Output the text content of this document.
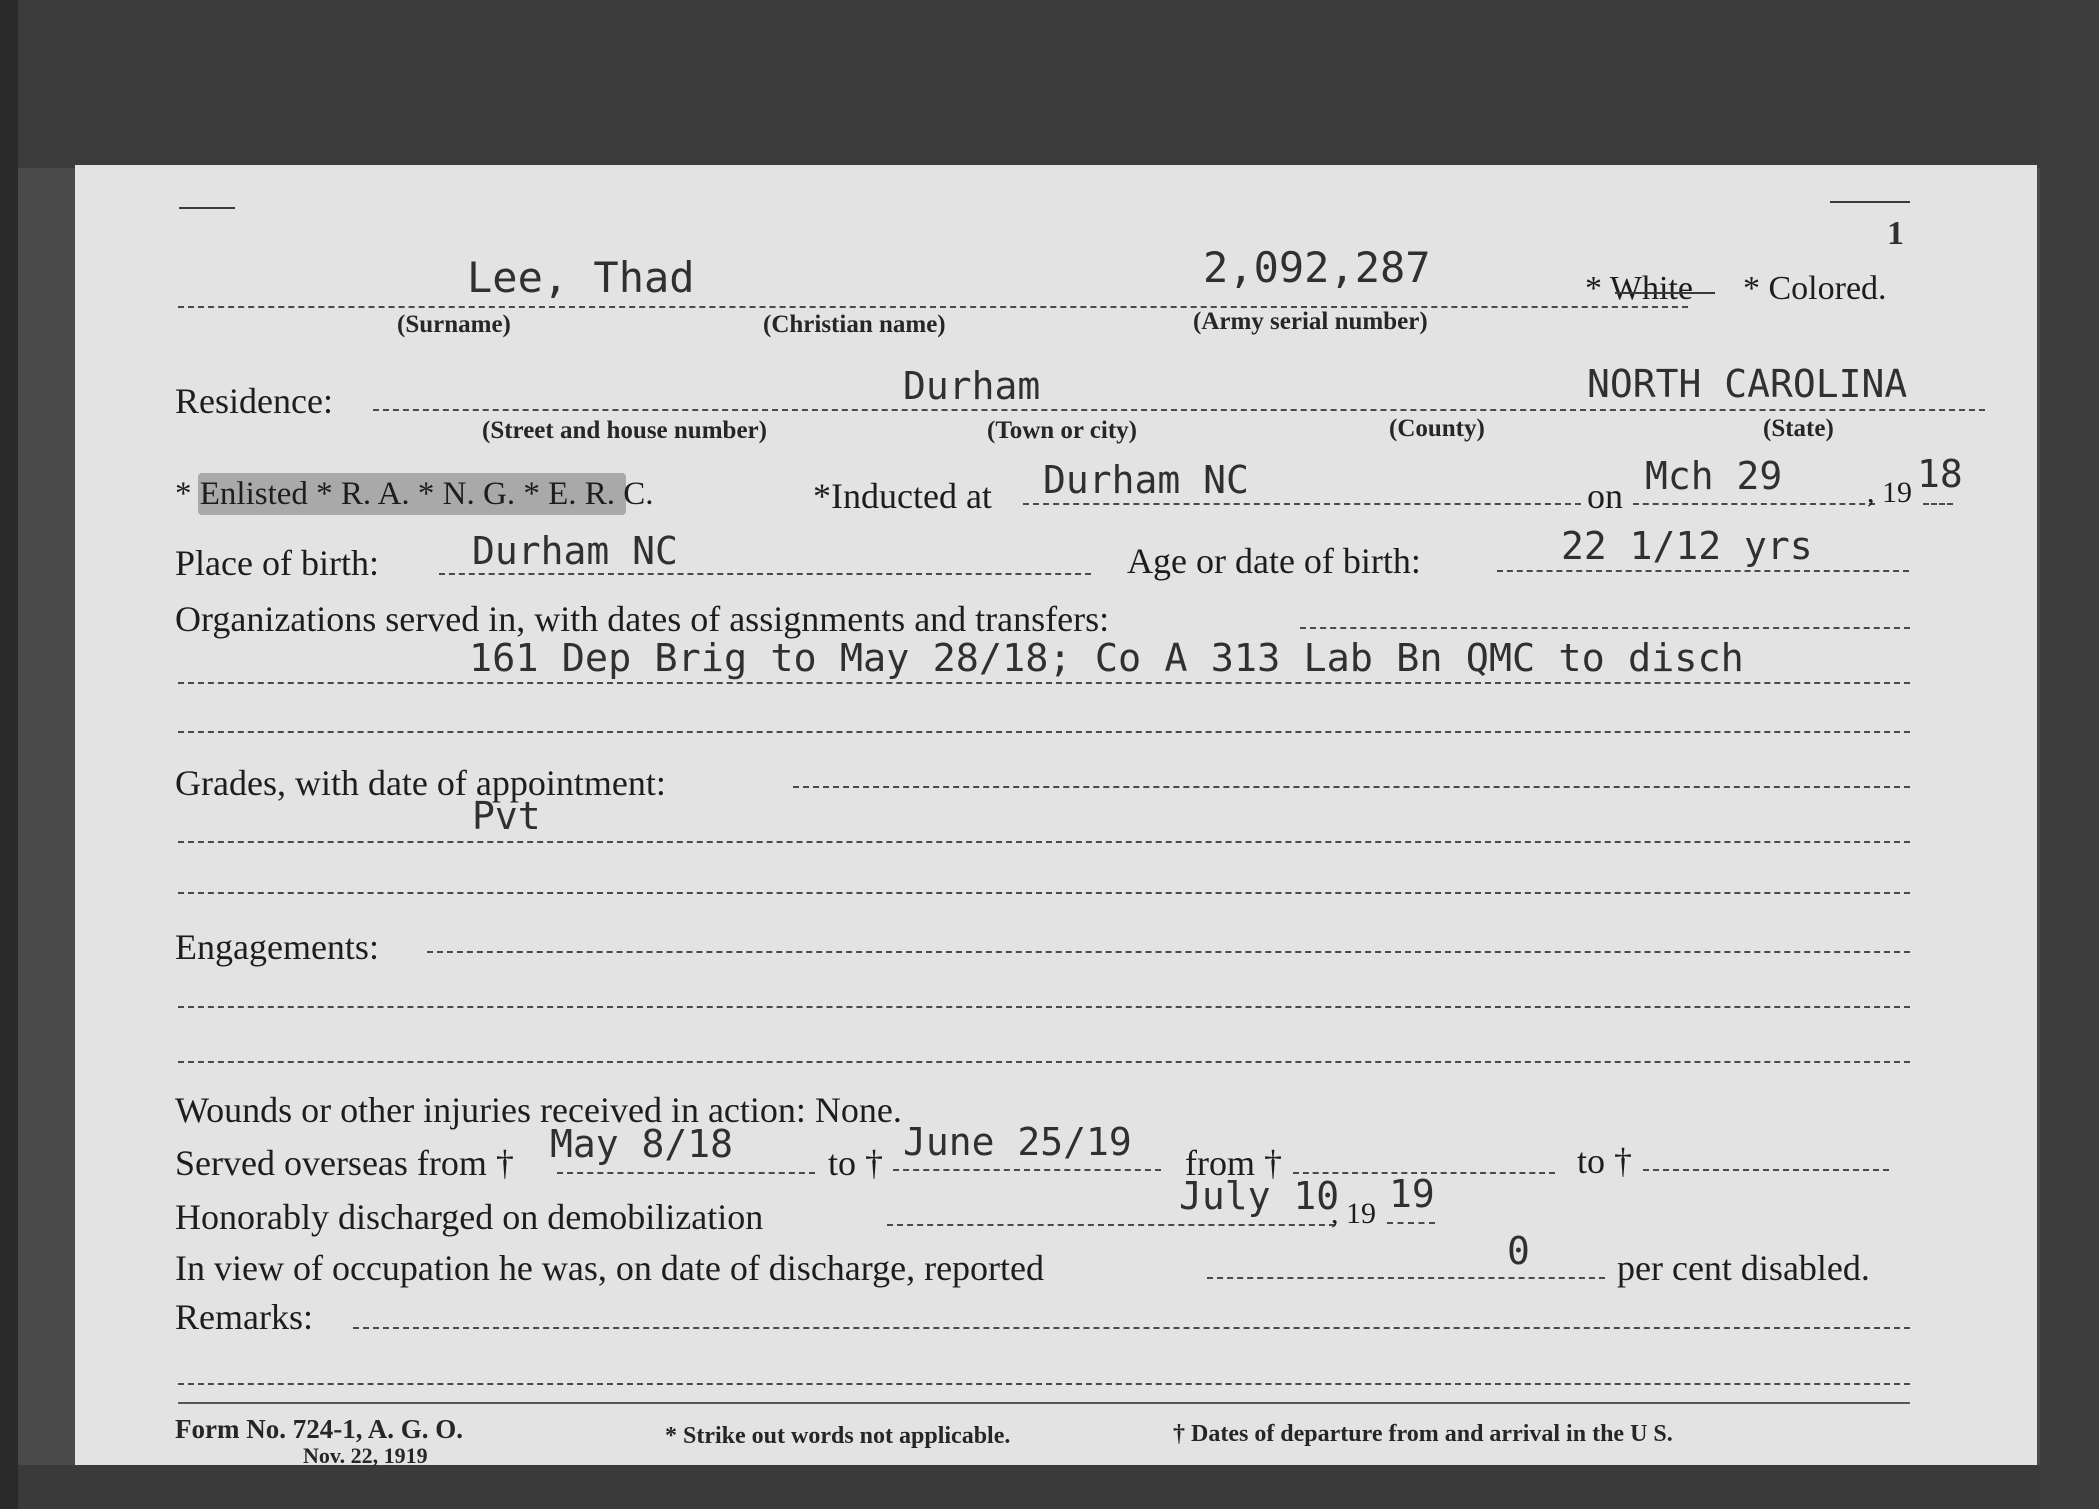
1
Lee, Thad	2,092,287	* White * Colored.
(Surname)	(Christian name)	(Army serial number)
Residence:	Durham	NORTH CAROLINA
(Street and house number)	(Town or city)	(County)	(State)
* Enlisted * R. A. * N. G. * E. R. C.	*Inducted at Durham NC	on Mch 29	, 19 18
Place of birth: Durham NC	Age or date of birth:	22 1/12 yrs
Organizations served in, with dates of assignments and transfers:
161 Dep Brig to May 28/18; Co A 313 Lab Bn QMC to disch
Grades, with date of appointment:
Pvt
Engagements:
Wounds or other injuries received in action: None.
Served overseas from † May 8/18	to † June 25/19 from †	to †
Honorably discharged on demobilization	July 10
, 19 19
In view of occupation he was, on date of discharge, reported	0 per cent disabled.
Remarks:
Form No. 724-1, A. G. O.
Nov. 22, 1919
* Strike out words not applicable.	† Dates of departure from and arrival in the U S.
